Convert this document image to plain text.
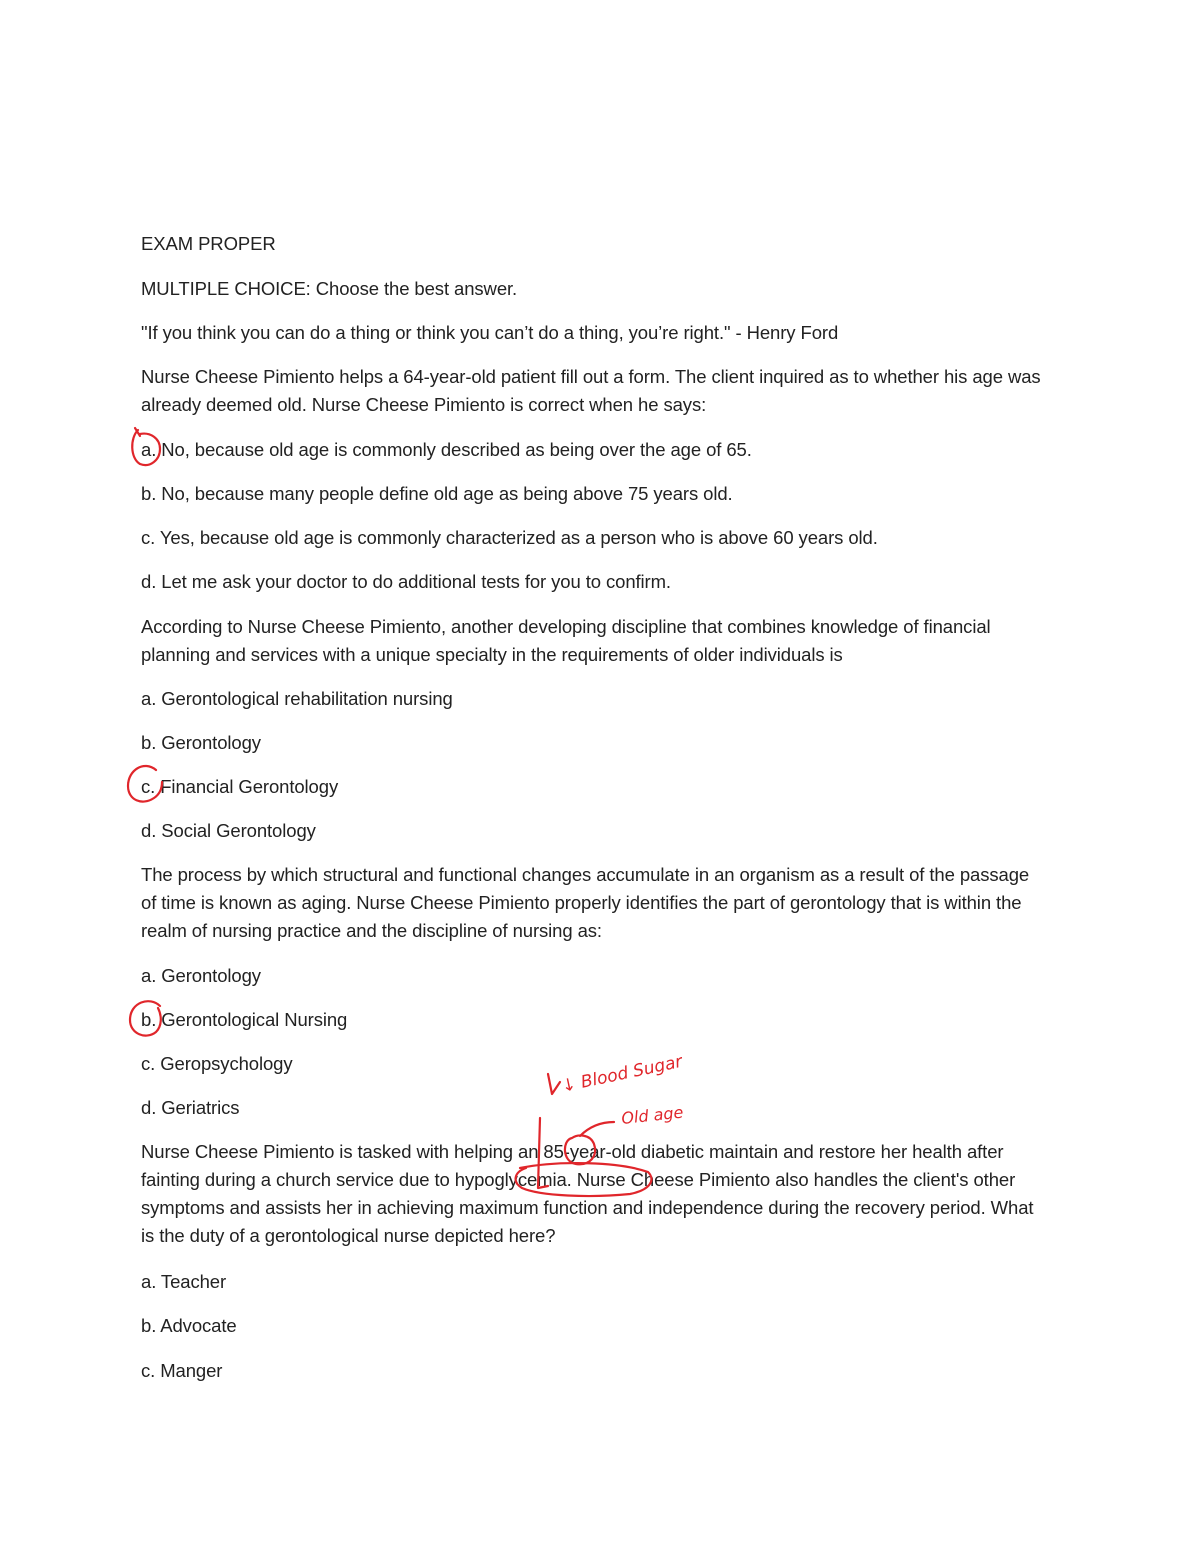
EXAM PROPER

MULTIPLE CHOICE: Choose the best answer.

"If you think you can do a thing or think you can’t do a thing, you’re right." - Henry Ford

Nurse Cheese Pimiento helps a 64-year-old patient fill out a form. The client inquired as to whether his age was already deemed old. Nurse Cheese Pimiento is correct when he says:

a. No, because old age is commonly described as being over the age of 65.

b. No, because many people define old age as being above 75 years old.

c. Yes, because old age is commonly characterized as a person who is above 60 years old.

d. Let me ask your doctor to do additional tests for you to confirm.

According to Nurse Cheese Pimiento, another developing discipline that combines knowledge of financial planning and services with a unique specialty in the requirements of older individuals is

a. Gerontological rehabilitation nursing

b. Gerontology

c. Financial Gerontology

d. Social Gerontology

The process by which structural and functional changes accumulate in an organism as a result of the passage of time is known as aging. Nurse Cheese Pimiento properly identifies the part of gerontology that is within the realm of nursing practice and the discipline of nursing as:

a. Gerontology

b. Gerontological Nursing

c. Geropsychology

d. Geriatrics

Nurse Cheese Pimiento is tasked with helping an 85-year-old diabetic maintain and restore her health after fainting during a church service due to hypoglycemia. Nurse Cheese Pimiento also handles the client's other symptoms and assists her in achieving maximum function and independence during the recovery period. What is the duty of a gerontological nurse depicted here?

a. Teacher

b. Advocate

c. Manger

↓ Blood Sugar
Old age
